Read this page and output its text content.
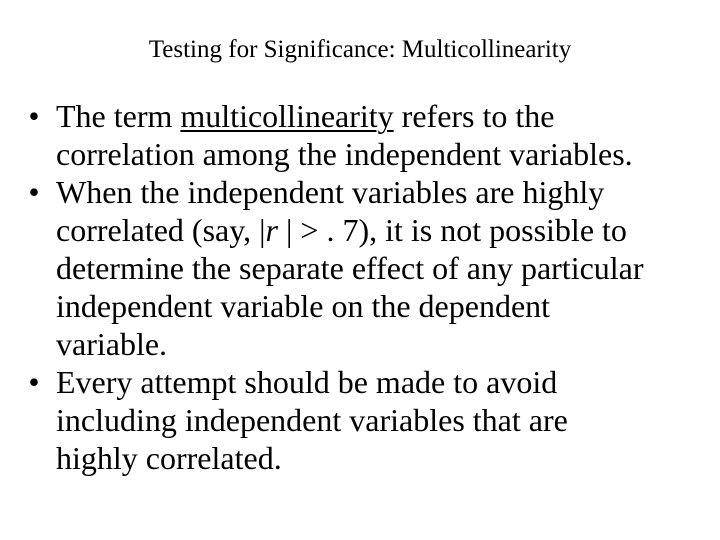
Testing for Significance: Multicollinearity
• The term multicollinearity refers to the
correlation among the independent variables.
• When the independent variables are highly
correlated (say, |r | > . 7), it is not possible to
determine the separate effect of any particular
independent variable on the dependent
variable.
• Every attempt should be made to avoid
including independent variables that are
highly correlated.
